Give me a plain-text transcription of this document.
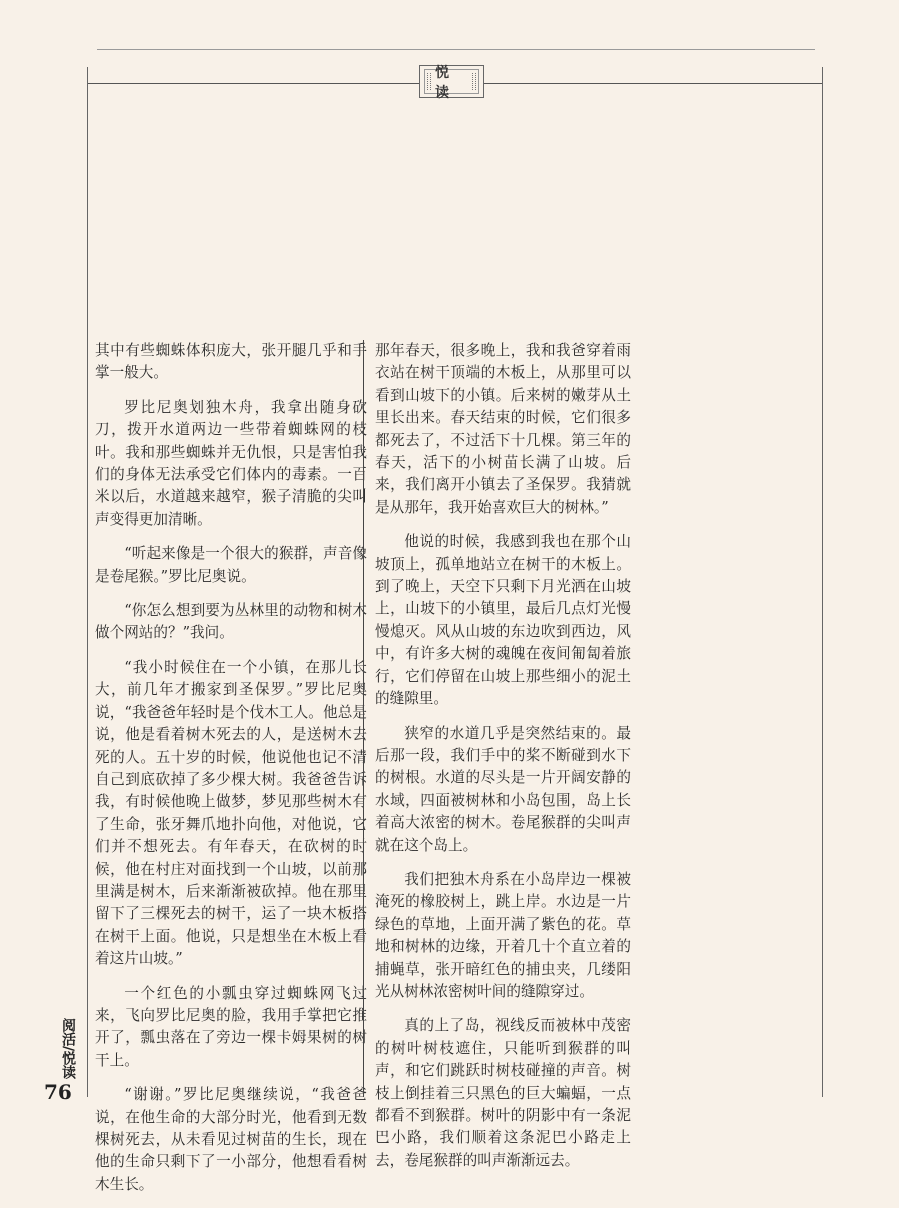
悦读

其中有些蜘蛛体积庞大，张开腿几乎和手掌一般大。

罗比尼奥划独木舟，我拿出随身砍刀，拨开水道两边一些带着蜘蛛网的枝叶。我和那些蜘蛛并无仇恨，只是害怕我们的身体无法承受它们体内的毒素。一百米以后，水道越来越窄，猴子清脆的尖叫声变得更加清晰。

“听起来像是一个很大的猴群，声音像是卷尾猴。”罗比尼奥说。

“你怎么想到要为丛林里的动物和树木做个网站的？”我问。

“我小时候住在一个小镇，在那儿长大，前几年才搬家到圣保罗。”罗比尼奥说，“我爸爸年轻时是个伐木工人。他总是说，他是看着树木死去的人，是送树木去死的人。五十岁的时候，他说他也记不清自己到底砍掉了多少棵大树。我爸爸告诉我，有时候他晚上做梦，梦见那些树木有了生命，张牙舞爪地扑向他，对他说，它们并不想死去。有年春天，在砍树的时候，他在村庄对面找到一个山坡，以前那里满是树木，后来渐渐被砍掉。他在那里留下了三棵死去的树干，运了一块木板搭在树干上面。他说，只是想坐在木板上看着这片山坡。”

一个红色的小瓢虫穿过蜘蛛网飞过来，飞向罗比尼奥的脸，我用手掌把它推开了，瓢虫落在了旁边一棵卡姆果树的树干上。

“谢谢。”罗比尼奥继续说，“我爸爸说，在他生命的大部分时光，他看到无数棵树死去，从未看见过树苗的生长，现在他的生命只剩下了一小部分，他想看看树木生长。

那年春天，很多晚上，我和我爸穿着雨衣站在树干顶端的木板上，从那里可以看到山坡下的小镇。后来树的嫩芽从土里长出来。春天结束的时候，它们很多都死去了，不过活下十几棵。第三年的春天，活下的小树苗长满了山坡。后来，我们离开小镇去了圣保罗。我猜就是从那年，我开始喜欢巨大的树林。”

他说的时候，我感到我也在那个山坡顶上，孤单地站立在树干的木板上。到了晚上，天空下只剩下月光洒在山坡上，山坡下的小镇里，最后几点灯光慢慢熄灭。风从山坡的东边吹到西边，风中，有许多大树的魂魄在夜间匍匐着旅行，它们停留在山坡上那些细小的泥土的缝隙里。

狭窄的水道几乎是突然结束的。最后那一段，我们手中的桨不断碰到水下的树根。水道的尽头是一片开阔安静的水域，四面被树林和小岛包围，岛上长着高大浓密的树木。卷尾猴群的尖叫声就在这个岛上。

我们把独木舟系在小岛岸边一棵被淹死的橡胶树上，跳上岸。水边是一片绿色的草地，上面开满了紫色的花。草地和树林的边缘，开着几十个直立着的捕蝇草，张开暗红色的捕虫夹，几缕阳光从树林浓密树叶间的缝隙穿过。

真的上了岛，视线反而被林中茂密的树叶树枝遮住，只能听到猴群的叫声，和它们跳跃时树枝碰撞的声音。树枝上倒挂着三只黑色的巨大蝙蝠，一点都看不到猴群。树叶的阴影中有一条泥巴小路，我们顺着这条泥巴小路走上去，卷尾猴群的叫声渐渐远去。

阅活/悦读
76
